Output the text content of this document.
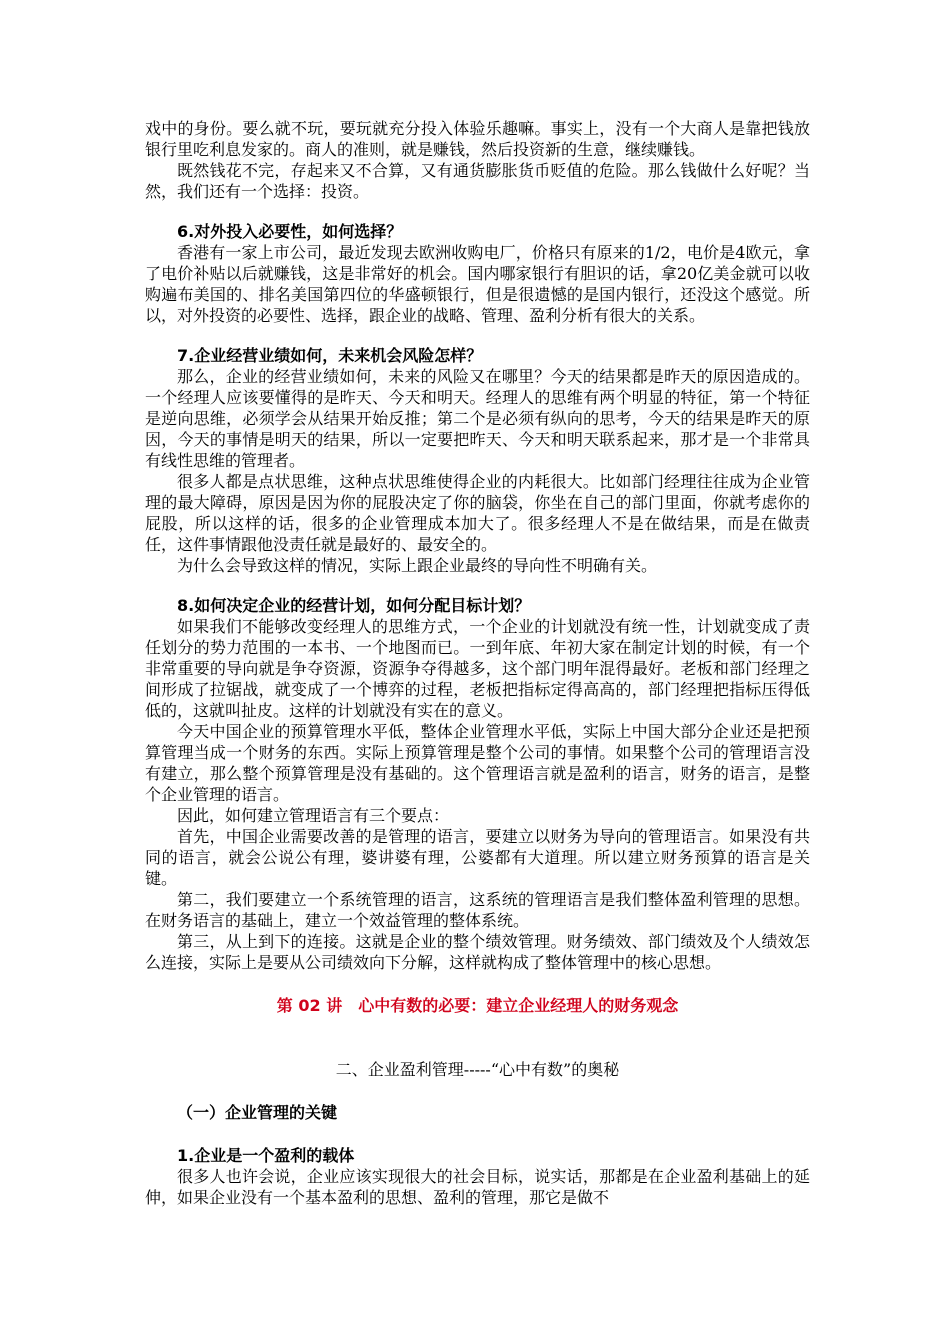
戏中的身份。要么就不玩，要玩就充分投入体验乐趣嘛。事实上，没有一个大商人是靠把钱放银行里吃利息发家的。商人的准则，就是赚钱，然后投资新的生意，继续赚钱。

既然钱花不完，存起来又不合算，又有通货膨胀货币贬值的危险。那么钱做什么好呢？当然，我们还有一个选择：投资。

6.对外投入必要性，如何选择？

香港有一家上市公司，最近发现去欧洲收购电厂，价格只有原来的1/2，电价是4欧元，拿了电价补贴以后就赚钱，这是非常好的机会。国内哪家银行有胆识的话，拿20亿美金就可以收购遍布美国的、排名美国第四位的华盛顿银行，但是很遗憾的是国内银行，还没这个感觉。所以，对外投资的必要性、选择，跟企业的战略、管理、盈利分析有很大的关系。

7.企业经营业绩如何，未来机会风险怎样？

那么，企业的经营业绩如何，未来的风险又在哪里？今天的结果都是昨天的原因造成的。一个经理人应该要懂得的是昨天、今天和明天。经理人的思维有两个明显的特征，第一个特征是逆向思维，必须学会从结果开始反推；第二个是必须有纵向的思考，今天的结果是昨天的原因，今天的事情是明天的结果，所以一定要把昨天、今天和明天联系起来，那才是一个非常具有线性思维的管理者。

很多人都是点状思维，这种点状思维使得企业的内耗很大。比如部门经理往往成为企业管理的最大障碍，原因是因为你的屁股决定了你的脑袋，你坐在自己的部门里面，你就考虑你的屁股，所以这样的话，很多的企业管理成本加大了。很多经理人不是在做结果，而是在做责任，这件事情跟他没责任就是最好的、最安全的。

为什么会导致这样的情况，实际上跟企业最终的导向性不明确有关。

8.如何决定企业的经营计划，如何分配目标计划？

如果我们不能够改变经理人的思维方式，一个企业的计划就没有统一性，计划就变成了责任划分的势力范围的一本书、一个地图而已。一到年底、年初大家在制定计划的时候，有一个非常重要的导向就是争夺资源，资源争夺得越多，这个部门明年混得最好。老板和部门经理之间形成了拉锯战，就变成了一个博弈的过程，老板把指标定得高高的，部门经理把指标压得低低的，这就叫扯皮。这样的计划就没有实在的意义。

今天中国企业的预算管理水平低，整体企业管理水平低，实际上中国大部分企业还是把预算管理当成一个财务的东西。实际上预算管理是整个公司的事情。如果整个公司的管理语言没有建立，那么整个预算管理是没有基础的。这个管理语言就是盈利的语言，财务的语言，是整个企业管理的语言。

因此，如何建立管理语言有三个要点：

首先，中国企业需要改善的是管理的语言，要建立以财务为导向的管理语言。如果没有共同的语言，就会公说公有理，婆讲婆有理，公婆都有大道理。所以建立财务预算的语言是关键。

第二，我们要建立一个系统管理的语言，这系统的管理语言是我们整体盈利管理的思想。在财务语言的基础上，建立一个效益管理的整体系统。

第三，从上到下的连接。这就是企业的整个绩效管理。财务绩效、部门绩效及个人绩效怎么连接，实际上是要从公司绩效向下分解，这样就构成了整体管理中的核心思想。

第 02 讲　心中有数的必要：建立企业经理人的财务观念
二、企业盈利管理-----“心中有数”的奥秘
（一）企业管理的关键
1.企业是一个盈利的载体

很多人也许会说，企业应该实现很大的社会目标，说实话，那都是在企业盈利基础上的延伸，如果企业没有一个基本盈利的思想、盈利的管理，那它是做不
